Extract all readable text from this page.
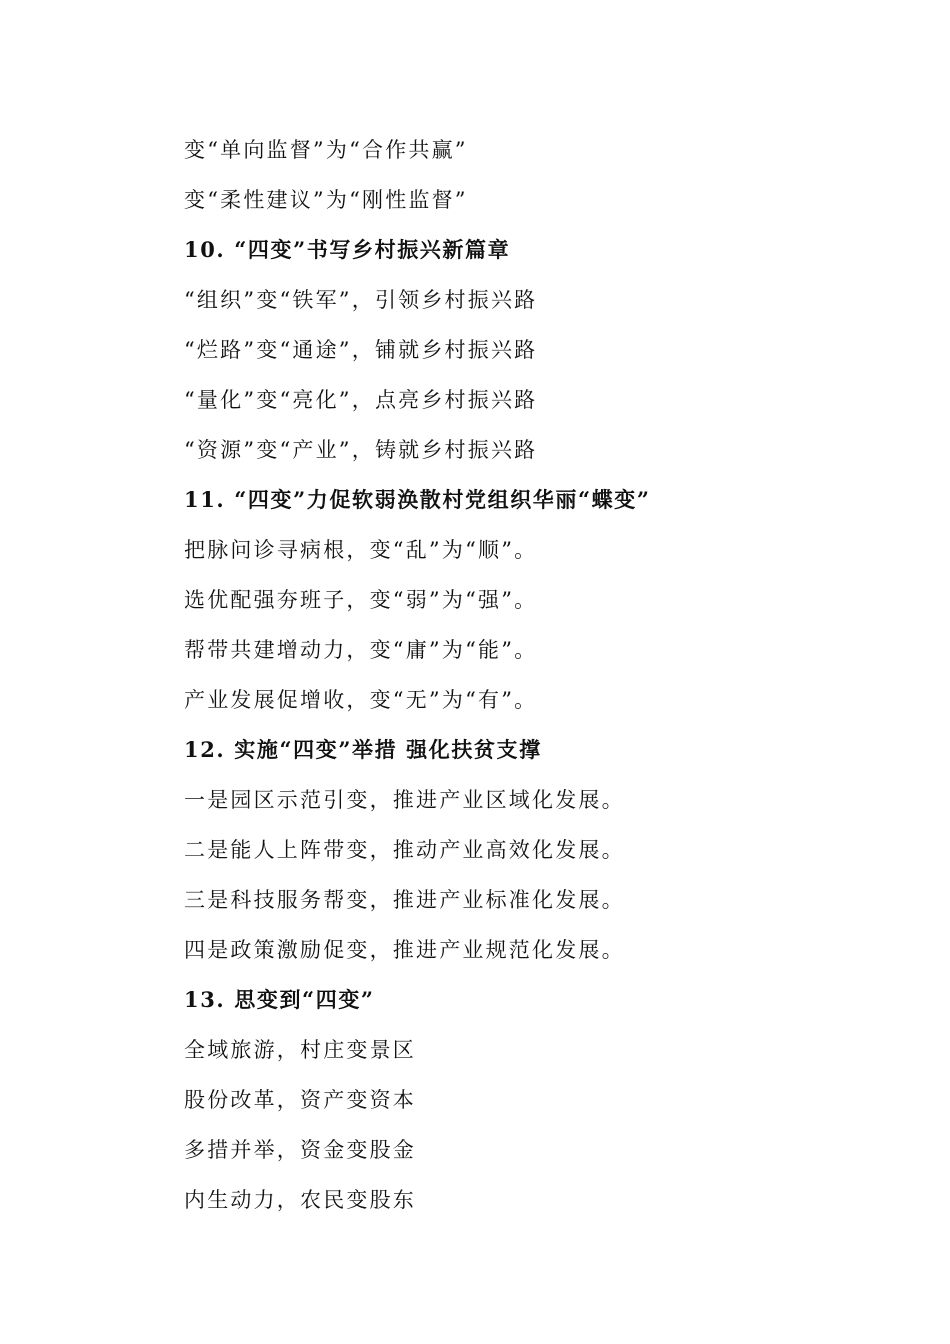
变“单向监督”为“合作共赢”
变“柔性建议”为“刚性监督”
10. “四变”书写乡村振兴新篇章
“组织”变“铁军”，引领乡村振兴路
“烂路”变“通途”，铺就乡村振兴路
“量化”变“亮化”，点亮乡村振兴路
“资源”变“产业”，铸就乡村振兴路
11. “四变”力促软弱涣散村党组织华丽“蝶变”
把脉问诊寻病根，变“乱”为“顺”。
选优配强夯班子，变“弱”为“强”。
帮带共建增动力，变“庸”为“能”。
产业发展促增收，变“无”为“有”。
12. 实施“四变”举措 强化扶贫支撑
一是园区示范引变，推进产业区域化发展。
二是能人上阵带变，推动产业高效化发展。
三是科技服务帮变，推进产业标准化发展。
四是政策激励促变，推进产业规范化发展。
13. 思变到“四变”
全域旅游，村庄变景区
股份改革，资产变资本
多措并举，资金变股金
内生动力，农民变股东
